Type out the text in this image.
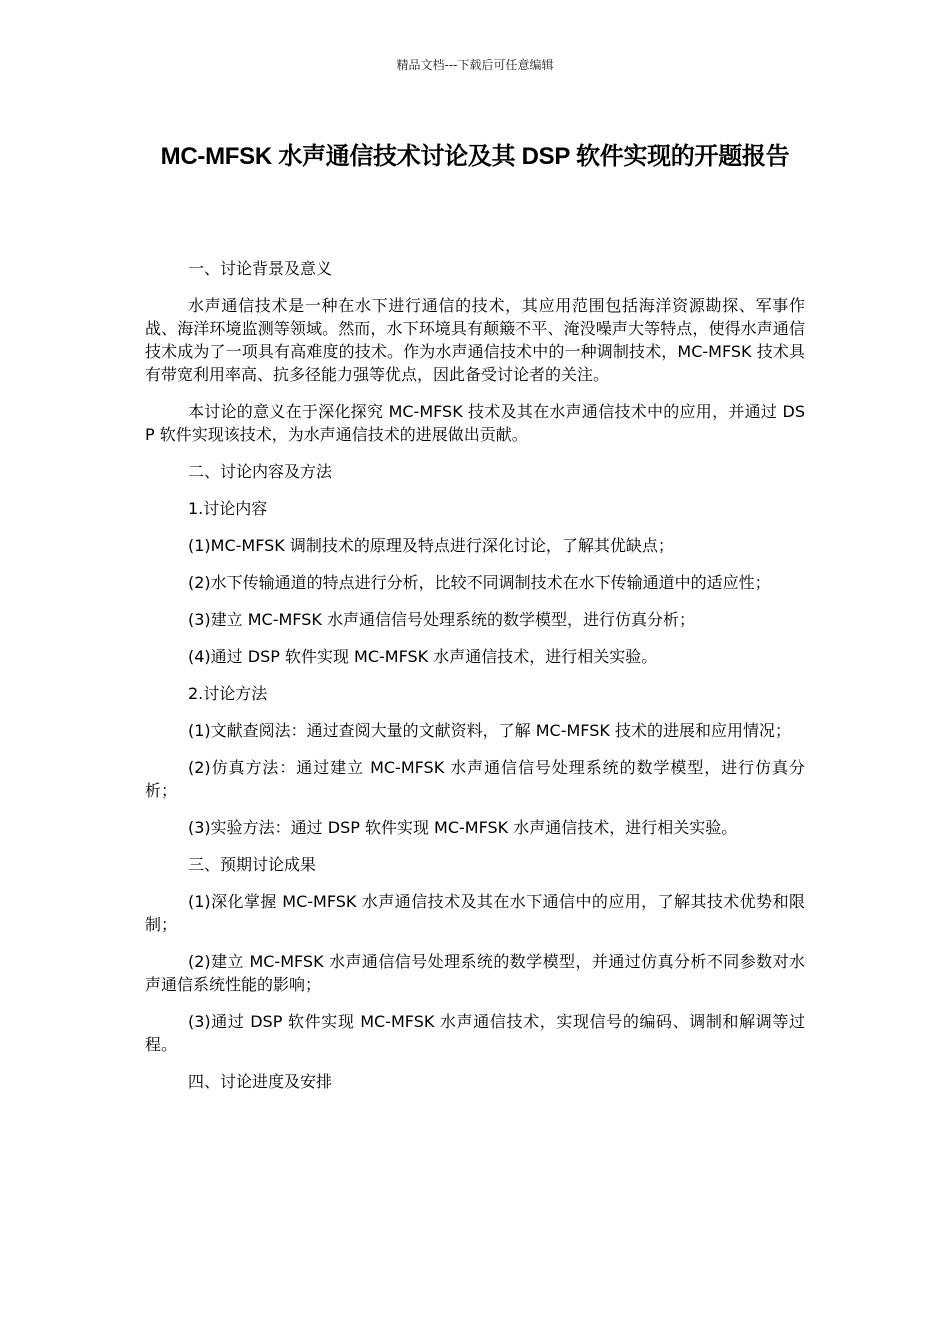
精品文档---下载后可任意编辑
MC-MFSK 水声通信技术讨论及其 DSP 软件实现的开题报告

一、讨论背景及意义

水声通信技术是一种在水下进行通信的技术，其应用范围包括海洋资源勘探、军事作战、海洋环境监测等领域。然而，水下环境具有颠簸不平、淹没噪声大等特点，使得水声通信技术成为了一项具有高难度的技术。作为水声通信技术中的一种调制技术，MC-MFSK 技术具有带宽利用率高、抗多径能力强等优点，因此备受讨论者的关注。

本讨论的意义在于深化探究 MC-MFSK 技术及其在水声通信技术中的应用，并通过 DSP 软件实现该技术，为水声通信技术的进展做出贡献。

二、讨论内容及方法

1.讨论内容

(1)MC-MFSK 调制技术的原理及特点进行深化讨论，了解其优缺点；

(2)水下传输通道的特点进行分析，比较不同调制技术在水下传输通道中的适应性；

(3)建立 MC-MFSK 水声通信信号处理系统的数学模型，进行仿真分析；

(4)通过 DSP 软件实现 MC-MFSK 水声通信技术，进行相关实验。

2.讨论方法

(1)文献查阅法：通过查阅大量的文献资料，了解 MC-MFSK 技术的进展和应用情况；

(2)仿真方法：通过建立 MC-MFSK 水声通信信号处理系统的数学模型，进行仿真分析；

(3)实验方法：通过 DSP 软件实现 MC-MFSK 水声通信技术，进行相关实验。

三、预期讨论成果

(1)深化掌握 MC-MFSK 水声通信技术及其在水下通信中的应用，了解其技术优势和限制；

(2)建立 MC-MFSK 水声通信信号处理系统的数学模型，并通过仿真分析不同参数对水声通信系统性能的影响；

(3)通过 DSP 软件实现 MC-MFSK 水声通信技术，实现信号的编码、调制和解调等过程。

四、讨论进度及安排
